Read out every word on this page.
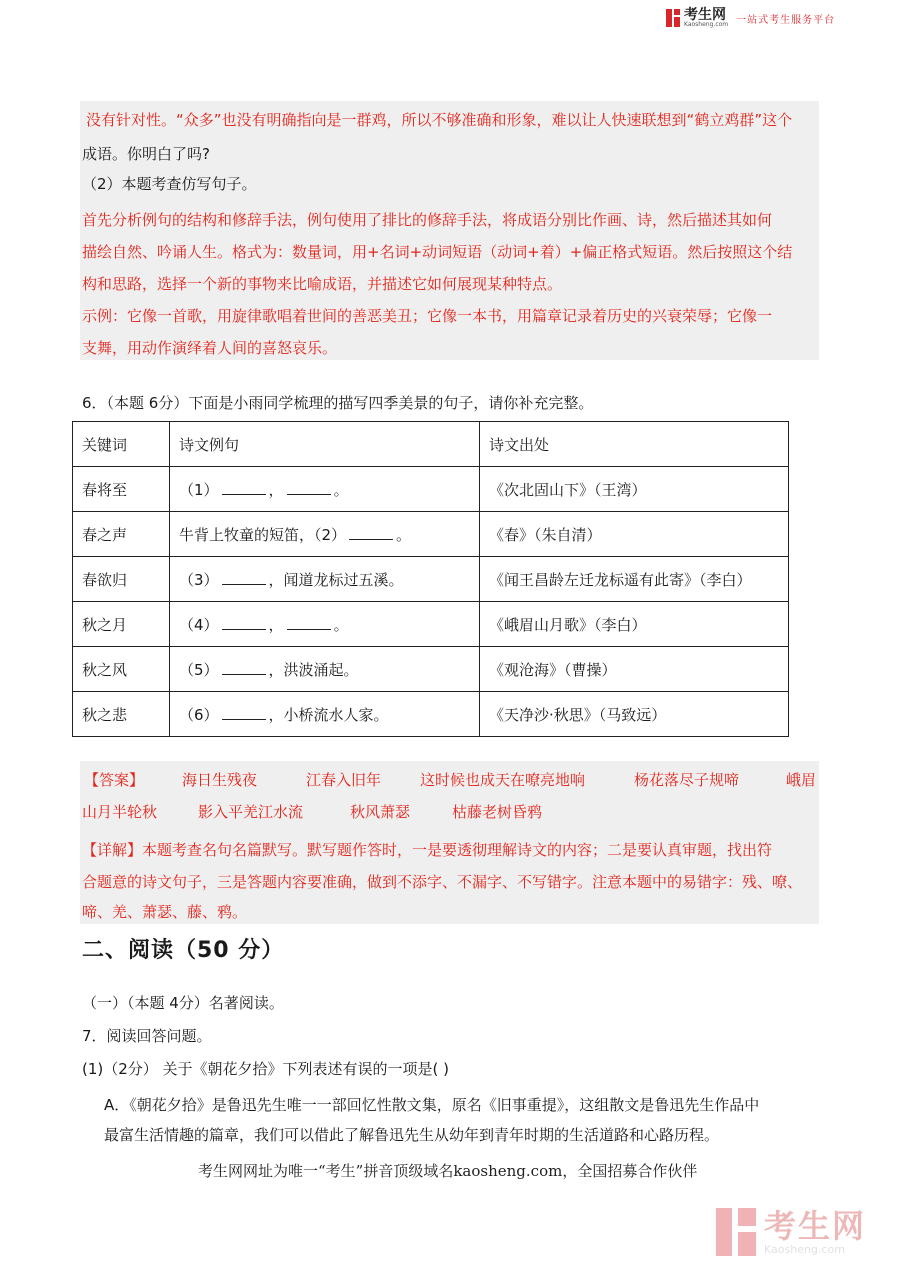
考生网
Kaosheng.com 一站式考生服务平台
没有针对性。“众多”也没有明确指向是一群鸡，所以不够准确和形象，难以让人快速联想到“鹤立鸡群”这个
成语。你明白了吗?
（2）本题考查仿写句子。
首先分析例句的结构和修辞手法，例句使用了排比的修辞手法，将成语分别比作画、诗，然后描述其如何
描绘自然、吟诵人生。格式为：数量词，用+名词+动词短语（动词+着）+偏正格式短语。然后按照这个结
构和思路，选择一个新的事物来比喻成语，并描述它如何展现某种特点。
示例：它像一首歌，用旋律歌唱着世间的善恶美丑；它像一本书，用篇章记录着历史的兴衰荣辱；它像一
支舞，用动作演绎着人间的喜怒哀乐。
6．（本题 6分）下面是小雨同学梳理的描写四季美景的句子，请你补充完整。
关键词	诗文例句	诗文出处
春将至	（1） ， 。	《次北固山下》（王湾）
春之声	牛背上牧童的短笛，（2） 。	《春》（朱自清）
春欲归	（3） ，闻道龙标过五溪。	《闻王昌龄左迁龙标遥有此寄》（李白）
秋之月	（4） ， 。	《峨眉山月歌》（李白）
秋之风	（5） ，洪波涌起。	《观沧海》（曹操）
秋之悲	（6） ，小桥流水人家。	《天净沙·秋思》（马致远）
【答案】	海日生残夜	江春入旧年	这时候也成天在嘹亮地响	杨花落尽子规啼	峨眉
山月半轮秋	影入平羌江水流	秋风萧瑟	枯藤老树昏鸦
【详解】本题考查名句名篇默写。默写题作答时，一是要透彻理解诗文的内容；二是要认真审题，找出符
合题意的诗文句子，三是答题内容要准确，做到不添字、不漏字、不写错字。注意本题中的易错字：残、嘹、
啼、羌、萧瑟、藤、鸦。
二、阅读（50 分）
（一）（本题 4分）名著阅读。
7．阅读回答问题。
(1)（2分） 关于《朝花夕拾》下列表述有误的一项是( )
A．《朝花夕拾》是鲁迅先生唯一一部回忆性散文集，原名《旧事重提》，这组散文是鲁迅先生作品中
最富生活情趣的篇章，我们可以借此了解鲁迅先生从幼年到青年时期的生活道路和心路历程。
考生网网址为唯一“考生”拼音顶级域名kaosheng.com，全国招募合作伙伴
考生网
Kaosheng.com
